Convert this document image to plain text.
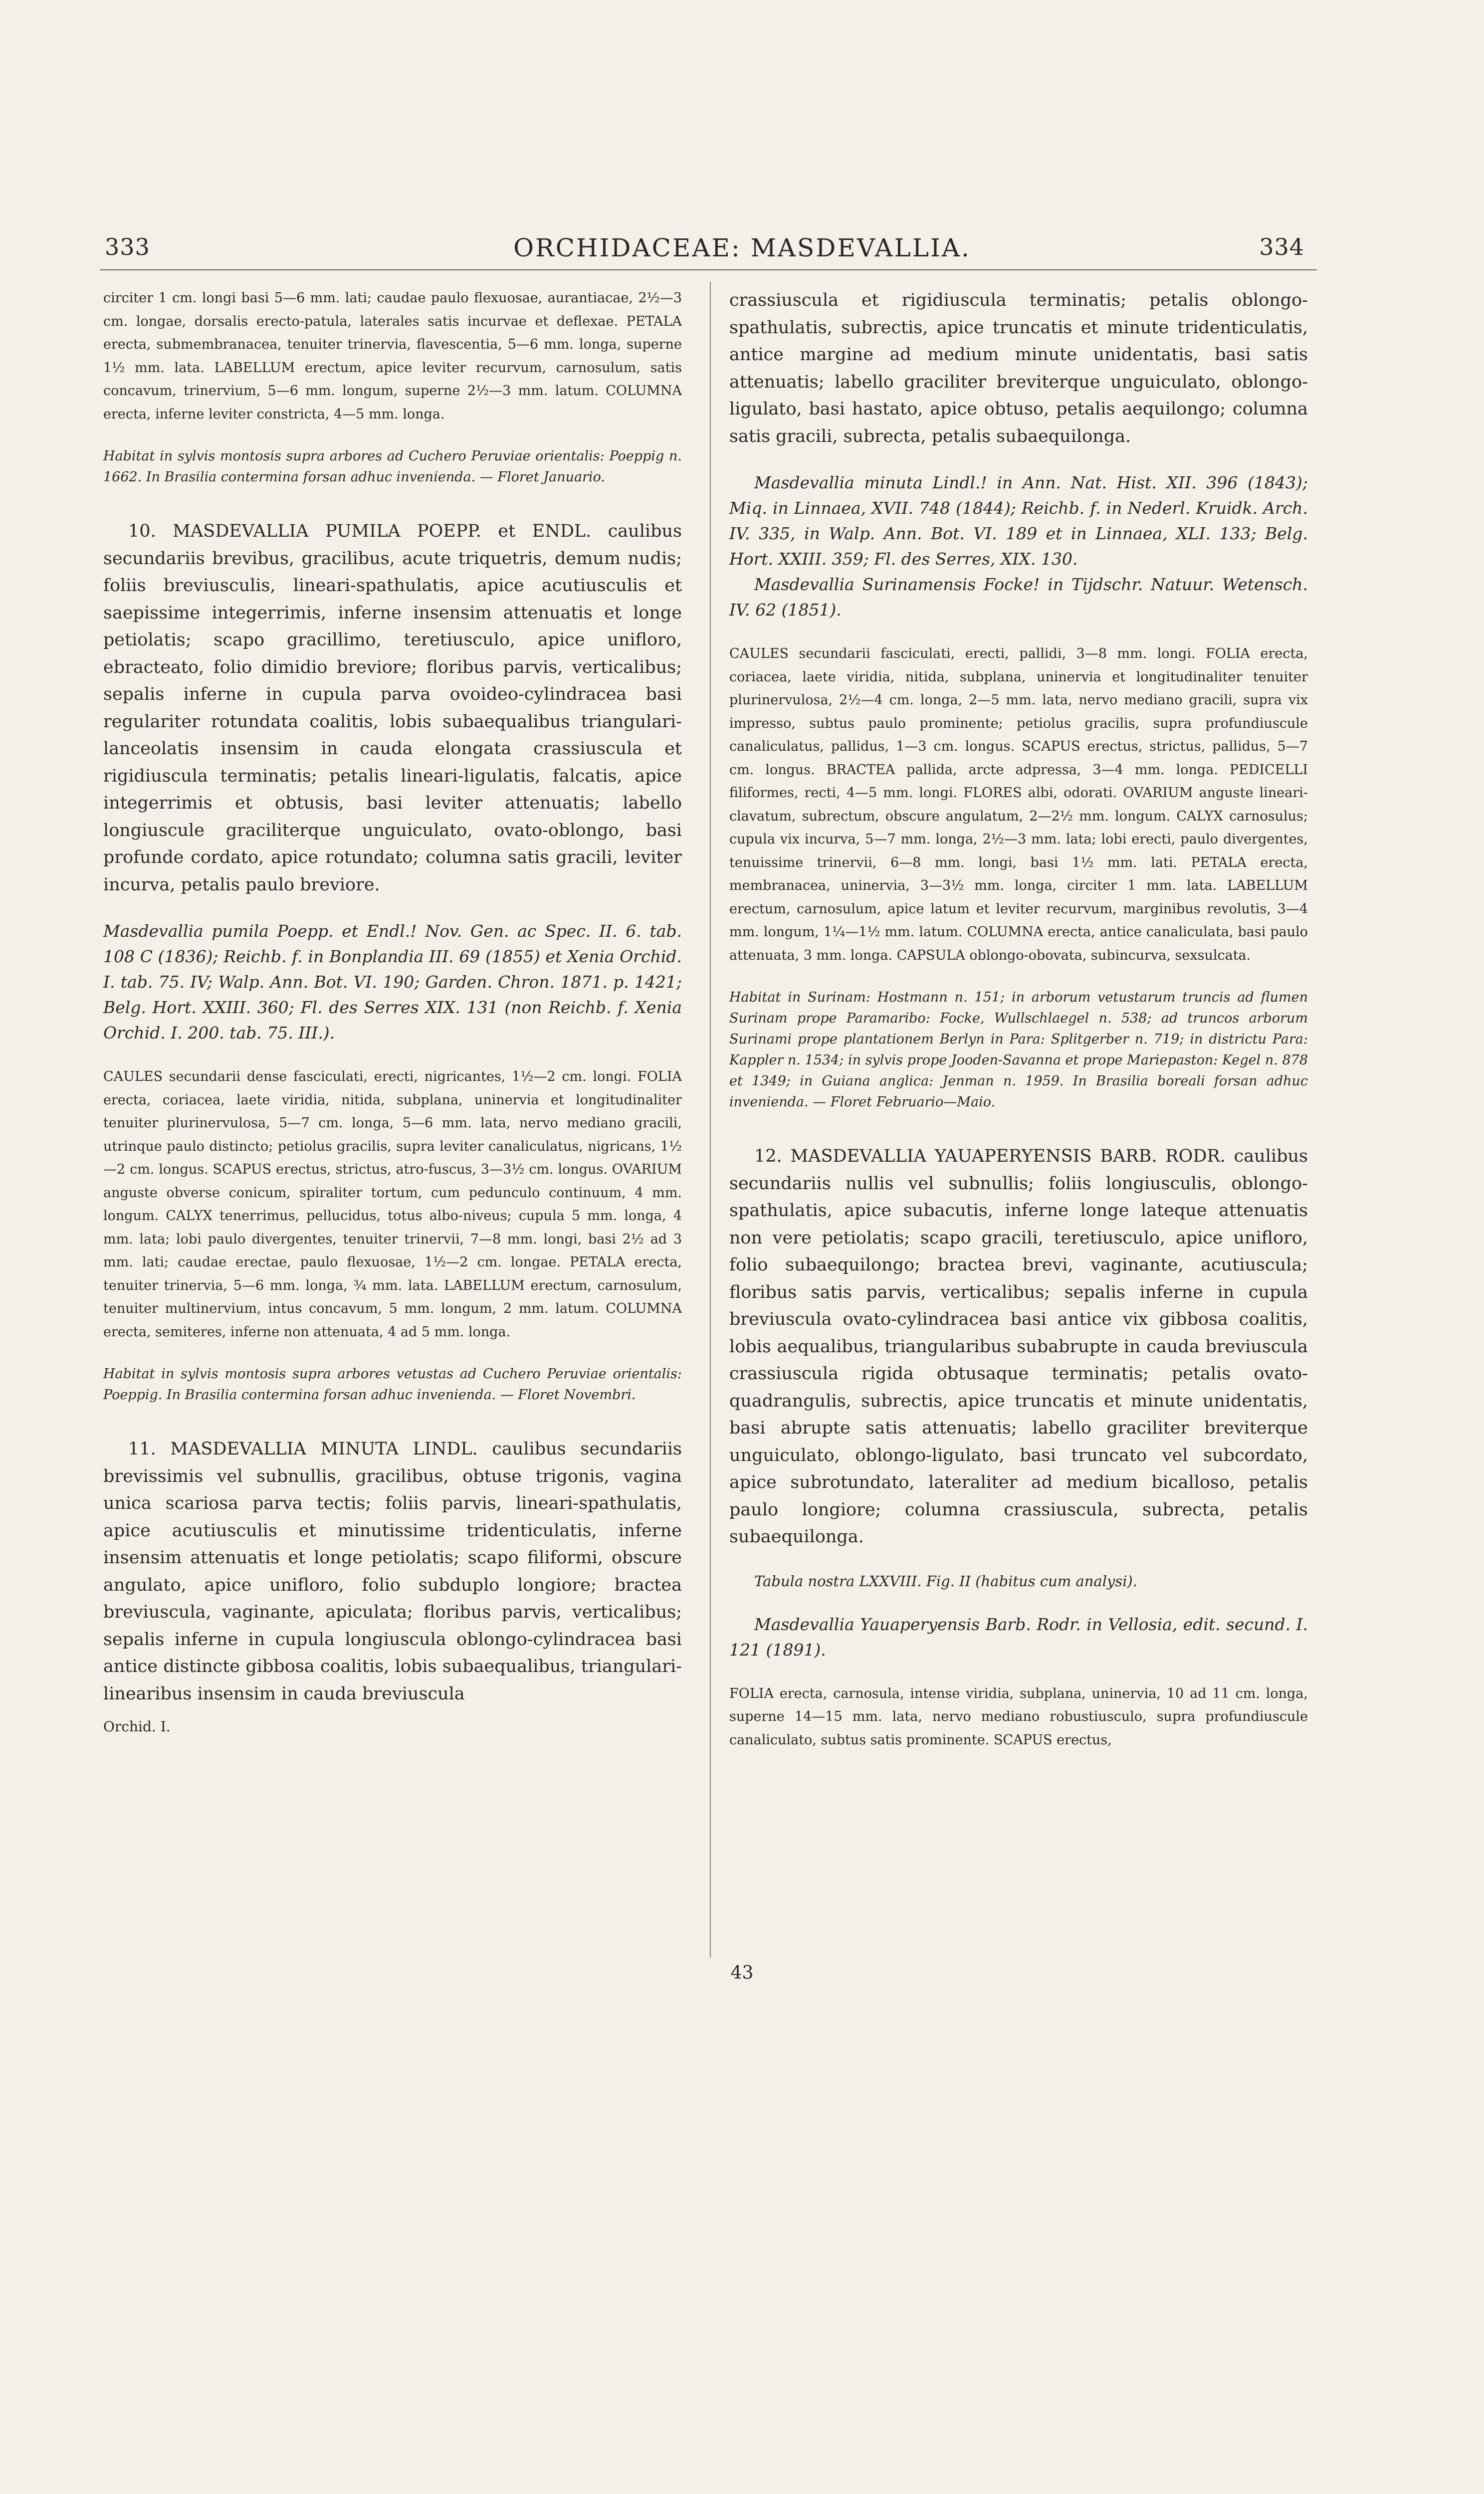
333	ORCHIDACEAE: MASDEVALLIA.	334

circiter 1 cm. longi basi 5—6 mm. lati; caudae paulo flexuosae, aurantiacae, 2½—3 cm. longae, dorsalis erecto-patula, laterales satis incurvae et deflexae. PETALA erecta, submembranacea, tenuiter trinervia, flavescentia, 5—6 mm. longa, superne 1½ mm. lata. LABELLUM erectum, apice leviter recurvum, carnosulum, satis concavum, trinervium, 5—6 mm. longum, superne 2½—3 mm. latum. COLUMNA erecta, inferne leviter constricta, 4—5 mm. longa.

Habitat in sylvis montosis supra arbores ad Cuchero Peruviae orientalis: Poeppig n. 1662. In Brasilia contermina forsan adhuc invenienda. — Floret Januario.

10. MASDEVALLIA PUMILA POEPP. et ENDL. caulibus secundariis brevibus, gracilibus, acute triquetris, demum nudis; foliis breviusculis, lineari-spathulatis, apice acutiusculis et saepissime integerrimis, inferne insensim attenuatis et longe petiolatis; scapo gracillimo, teretiusculo, apice unifloro, ebracteato, folio dimidio breviore; floribus parvis, verticalibus; sepalis inferne in cupula parva ovoideo-cylindracea basi regulariter rotundata coalitis, lobis subaequalibus triangulari-lanceolatis insensim in cauda elongata crassiuscula et rigidiuscula terminatis; petalis lineari-ligulatis, falcatis, apice integerrimis et obtusis, basi leviter attenuatis; labello longiuscule graciliterque unguiculato, ovato-oblongo, basi profunde cordato, apice rotundato; columna satis gracili, leviter incurva, petalis paulo breviore.

Masdevallia pumila Poepp. et Endl.! Nov. Gen. ac Spec. II. 6. tab. 108 C (1836); Reichb. f. in Bonplandia III. 69 (1855) et Xenia Orchid. I. tab. 75. IV; Walp. Ann. Bot. VI. 190; Garden. Chron. 1871. p. 1421; Belg. Hort. XXIII. 360; Fl. des Serres XIX. 131 (non Reichb. f. Xenia Orchid. I. 200. tab. 75. III.).

CAULES secundarii dense fasciculati, erecti, nigricantes, 1½—2 cm. longi. FOLIA erecta, coriacea, laete viridia, nitida, subplana, uninervia et longitudinaliter tenuiter plurinervulosa, 5—7 cm. longa, 5—6 mm. lata, nervo mediano gracili, utrinque paulo distincto; petiolus gracilis, supra leviter canaliculatus, nigricans, 1½—2 cm. longus. SCAPUS erectus, strictus, atro-fuscus, 3—3½ cm. longus. OVARIUM anguste obverse conicum, spiraliter tortum, cum pedunculo continuum, 4 mm. longum. CALYX tenerrimus, pellucidus, totus albo-niveus; cupula 5 mm. longa, 4 mm. lata; lobi paulo divergentes, tenuiter trinervii, 7—8 mm. longi, basi 2½ ad 3 mm. lati; caudae erectae, paulo flexuosae, 1½—2 cm. longae. PETALA erecta, tenuiter trinervia, 5—6 mm. longa, ¾ mm. lata. LABELLUM erectum, carnosulum, tenuiter multinervium, intus concavum, 5 mm. longum, 2 mm. latum. COLUMNA erecta, semiteres, inferne non attenuata, 4 ad 5 mm. longa.

Habitat in sylvis montosis supra arbores vetustas ad Cuchero Peruviae orientalis: Poeppig. In Brasilia contermina forsan adhuc invenienda. — Floret Novembri.

11. MASDEVALLIA MINUTA LINDL. caulibus secundariis brevissimis vel subnullis, gracilibus, obtuse trigonis, vagina unica scariosa parva tectis; foliis parvis, lineari-spathulatis, apice acutiusculis et minutissime tridenticulatis, inferne insensim attenuatis et longe petiolatis; scapo filiformi, obscure angulato, apice unifloro, folio subduplo longiore; bractea breviuscula, vaginante, apiculata; floribus parvis, verticalibus; sepalis inferne in cupula longiuscula oblongo-cylindracea basi antice distincte gibbosa coalitis, lobis subaequalibus, triangulari-linearibus insensim in cauda breviuscula

Orchid. I.

crassiuscula et rigidiuscula terminatis; petalis oblongo-spathulatis, subrectis, apice truncatis et minute tridenticulatis, antice margine ad medium minute unidentatis, basi satis attenuatis; labello graciliter breviterque unguiculato, oblongo-ligulato, basi hastato, apice obtuso, petalis aequilongo; columna satis gracili, subrecta, petalis subaequilonga.

Masdevallia minuta Lindl.! in Ann. Nat. Hist. XII. 396 (1843); Miq. in Linnaea, XVII. 748 (1844); Reichb. f. in Nederl. Kruidk. Arch. IV. 335, in Walp. Ann. Bot. VI. 189 et in Linnaea, XLI. 133; Belg. Hort. XXIII. 359; Fl. des Serres, XIX. 130.

Masdevallia Surinamensis Focke! in Tijdschr. Natuur. Wetensch. IV. 62 (1851).

CAULES secundarii fasciculati, erecti, pallidi, 3—8 mm. longi. FOLIA erecta, coriacea, laete viridia, nitida, subplana, uninervia et longitudinaliter tenuiter plurinervulosa, 2½—4 cm. longa, 2—5 mm. lata, nervo mediano gracili, supra vix impresso, subtus paulo prominente; petiolus gracilis, supra profundiuscule canaliculatus, pallidus, 1—3 cm. longus. SCAPUS erectus, strictus, pallidus, 5—7 cm. longus. BRACTEA pallida, arcte adpressa, 3—4 mm. longa. PEDICELLI filiformes, recti, 4—5 mm. longi. FLORES albi, odorati. OVARIUM anguste lineari-clavatum, subrectum, obscure angulatum, 2—2½ mm. longum. CALYX carnosulus; cupula vix incurva, 5—7 mm. longa, 2½—3 mm. lata; lobi erecti, paulo divergentes, tenuissime trinervii, 6—8 mm. longi, basi 1½ mm. lati. PETALA erecta, membranacea, uninervia, 3—3½ mm. longa, circiter 1 mm. lata. LABELLUM erectum, carnosulum, apice latum et leviter recurvum, marginibus revolutis, 3—4 mm. longum, 1¼—1½ mm. latum. COLUMNA erecta, antice canaliculata, basi paulo attenuata, 3 mm. longa. CAPSULA oblongo-obovata, subincurva, sexsulcata.

Habitat in Surinam: Hostmann n. 151; in arborum vetustarum truncis ad flumen Surinam prope Paramaribo: Focke, Wullschlaegel n. 538; ad truncos arborum Surinami prope plantationem Berlyn in Para: Splitgerber n. 719; in districtu Para: Kappler n. 1534; in sylvis prope Jooden-Savanna et prope Mariepaston: Kegel n. 878 et 1349; in Guiana anglica: Jenman n. 1959. In Brasilia boreali forsan adhuc invenienda. — Floret Februario—Maio.

12. MASDEVALLIA YAUAPERYENSIS BARB. RODR. caulibus secundariis nullis vel subnullis; foliis longiusculis, oblongo-spathulatis, apice subacutis, inferne longe lateque attenuatis non vere petiolatis; scapo gracili, teretiusculo, apice unifloro, folio subaequilongo; bractea brevi, vaginante, acutiuscula; floribus satis parvis, verticalibus; sepalis inferne in cupula breviuscula ovato-cylindracea basi antice vix gibbosa coalitis, lobis aequalibus, triangularibus subabrupte in cauda breviuscula crassiuscula rigida obtusaque terminatis; petalis ovato-quadrangulis, subrectis, apice truncatis et minute unidentatis, basi abrupte satis attenuatis; labello graciliter breviterque unguiculato, oblongo-ligulato, basi truncato vel subcordato, apice subrotundato, lateraliter ad medium bicalloso, petalis paulo longiore; columna crassiuscula, subrecta, petalis subaequilonga.

Tabula nostra LXXVIII. Fig. II (habitus cum analysi).

Masdevallia Yauaperyensis Barb. Rodr. in Vellosia, edit. secund. I. 121 (1891).

FOLIA erecta, carnosula, intense viridia, subplana, uninervia, 10 ad 11 cm. longa, superne 14—15 mm. lata, nervo mediano robustiusculo, supra profundiuscule canaliculato, subtus satis prominente. SCAPUS erectus,

43
